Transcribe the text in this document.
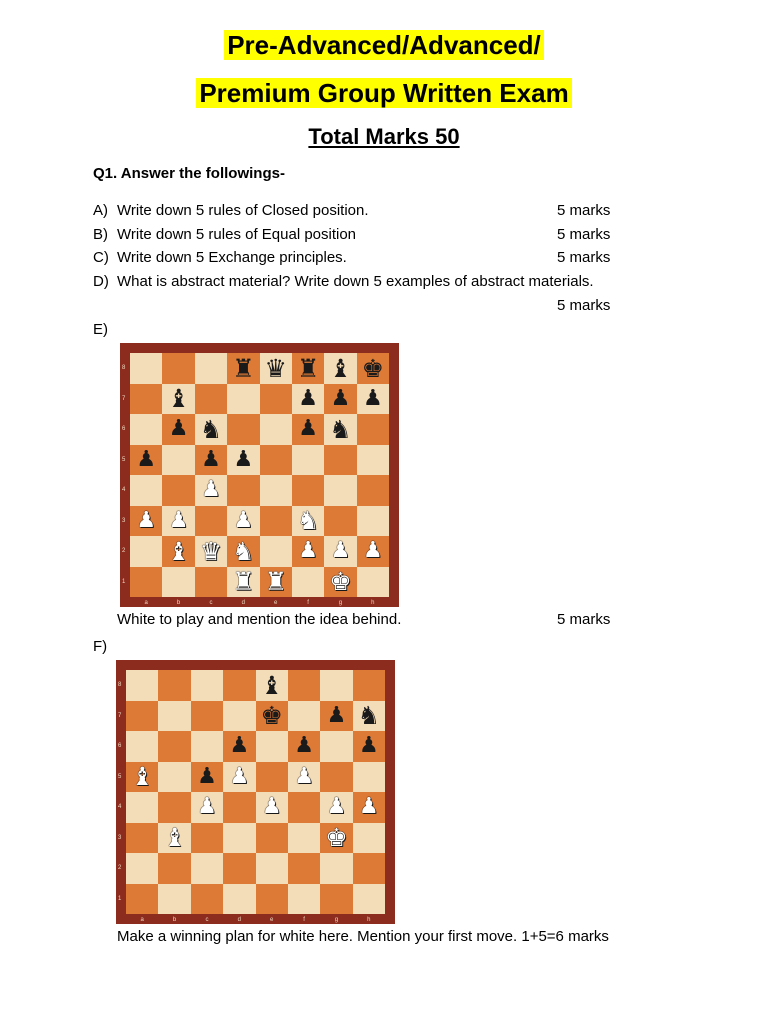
Pre-Advanced/Advanced/
Premium Group Written Exam
Total Marks 50
Q1. Answer the followings-
A) Write down 5 rules of Closed position.	5 marks
B) Write down 5 rules of Equal position	5 marks
C) Write down 5 Exchange principles.	5 marks
D) What is abstract material? Write down 5 examples of abstract materials.
5 marks
E)
♜ ♛ ♜ ♝ ♚
♝	♟ ♟ ♟
♟ ♞	♟ ♞
♟ ♟ ♟
♟
♟ ♟ ♟ ♞
♝ ♛ ♞ ♟ ♟ ♟
♜ ♜ ♚
a	b	c	d	e	f	g	h
8
7
6
5
4
3
2
1
White to play and mention the idea behind.	5 marks
F)
♝
♚ ♟ ♞
♟ ♟ ♟
♝ ♟ ♟ ♟
♟ ♟ ♟ ♟
♝	♚
a	b	c	d	e	f	g	h
8
7
6
5
4
3
2
1
Make a winning plan for white here. Mention your first move. 1+5=6 marks
